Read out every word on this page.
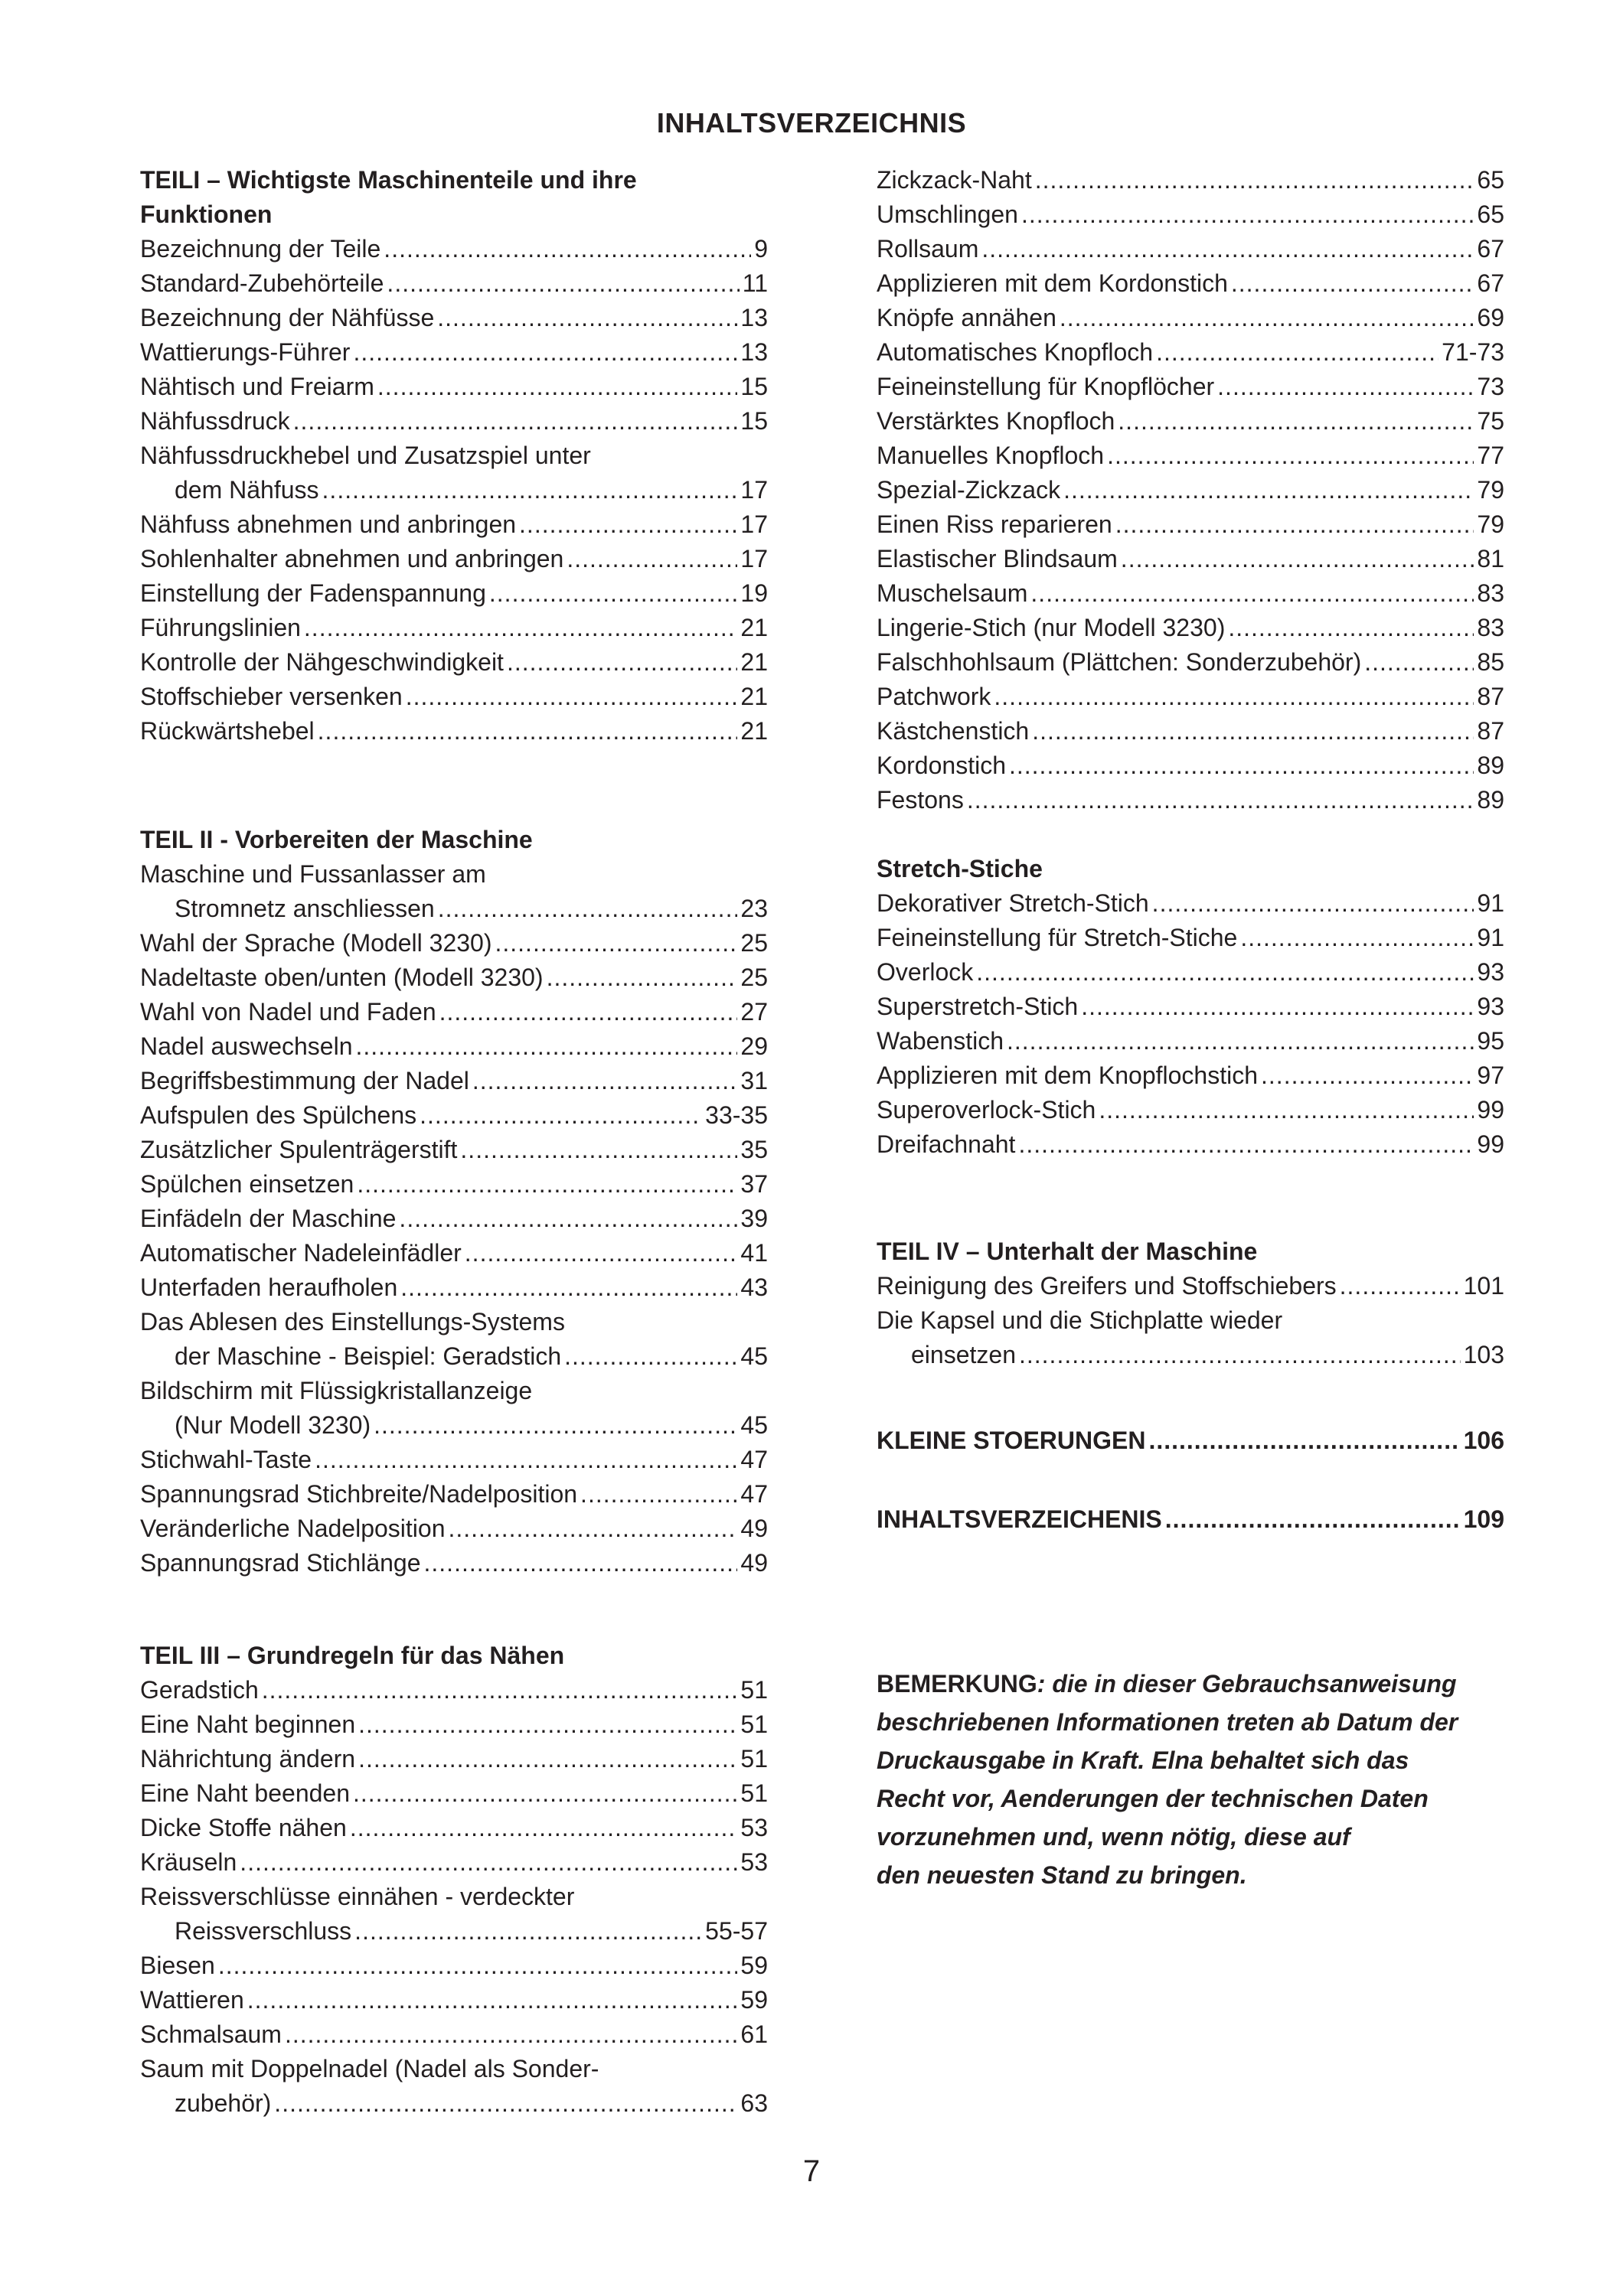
INHALTSVERZEICHNIS
TEILI – Wichtigste Maschinenteile und ihre
Funktionen
Bezeichnung der Teile .....	9
Standard-Zubehörteile .....	11
Bezeichnung der Nähfüsse .....	13
Wattierungs-Führer .....	13
Nähtisch und Freiarm .....	15
Nähfussdruck .....	15
Nähfussdruckhebel und Zusatzspiel unter
dem Nähfuss .....	17
Nähfuss abnehmen und anbringen .....	17
Sohlenhalter abnehmen und anbringen .....	17
Einstellung der Fadenspannung .....	19
Führungslinien .....	21
Kontrolle der Nähgeschwindigkeit .....	21
Stoffschieber versenken .....	21
Rückwärtshebel .....	21
TEIL II - Vorbereiten der Maschine
Maschine und Fussanlasser am
Stromnetz anschliessen .....	23
Wahl der Sprache (Modell 3230) .....	25
Nadeltaste oben/unten (Modell 3230) .....	25
Wahl von Nadel und Faden .....	27
Nadel auswechseln .....	29
Begriffsbestimmung der Nadel .....	31
Aufspulen des Spülchens .....	33-35
Zusätzlicher Spulenträgerstift .....	35
Spülchen einsetzen .....	37
Einfädeln der Maschine .....	39
Automatischer Nadeleinfädler .....	41
Unterfaden heraufholen .....	43
Das Ablesen des Einstellungs-Systems
der Maschine - Beispiel: Geradstich .....	45
Bildschirm mit Flüssigkristallanzeige
(Nur Modell 3230) .....	45
Stichwahl-Taste .....	47
Spannungsrad Stichbreite/Nadelposition .....	47
Veränderliche Nadelposition .....	49
Spannungsrad Stichlänge .....	49
TEIL III – Grundregeln für das Nähen
Geradstich .....	51
Eine Naht beginnen .....	51
Nährichtung ändern .....	51
Eine Naht beenden .....	51
Dicke Stoffe nähen .....	53
Kräuseln .....	53
Reissverschlüsse einnähen - verdeckter
Reissverschluss .....	55-57
Biesen .....	59
Wattieren .....	59
Schmalsaum .....	61
Saum mit Doppelnadel (Nadel als Sonder-
zubehör) .....	63
Zickzack-Naht .....	65
Umschlingen .....	65
Rollsaum .....	67
Applizieren mit dem Kordonstich .....	67
Knöpfe annähen .....	69
Automatisches Knopfloch .....	71-73
Feineinstellung für Knopflöcher .....	73
Verstärktes Knopfloch .....	75
Manuelles Knopfloch .....	77
Spezial-Zickzack .....	79
Einen Riss reparieren .....	79
Elastischer Blindsaum .....	81
Muschelsaum .....	83
Lingerie-Stich (nur Modell 3230) .....	83
Falschhohlsaum (Plättchen: Sonderzubehör) .....	85
Patchwork .....	87
Kästchenstich .....	87
Kordonstich .....	89
Festons .....	89
Stretch-Stiche
Dekorativer Stretch-Stich .....	91
Feineinstellung für Stretch-Stiche .....	91
Overlock .....	93
Superstretch-Stich .....	93
Wabenstich .....	95
Applizieren mit dem Knopflochstich .....	97
Superoverlock-Stich .....	99
Dreifachnaht .....	99
TEIL IV – Unterhalt der Maschine
Reinigung des Greifers und Stoffschiebers .....	101
Die Kapsel und die Stichplatte wieder
einsetzen .....	103
KLEINE STOERUNGEN .....	106
INHALTSVERZEICHENIS .....	109
BEMERKUNG: die in dieser Gebrauchsanweisung
beschriebenen Informationen treten ab Datum der
Druckausgabe in Kraft. Elna behaltet sich das
Recht vor, Aenderungen der technischen Daten
vorzunehmen und, wenn nötig, diese auf
den neuesten Stand zu bringen.
7
